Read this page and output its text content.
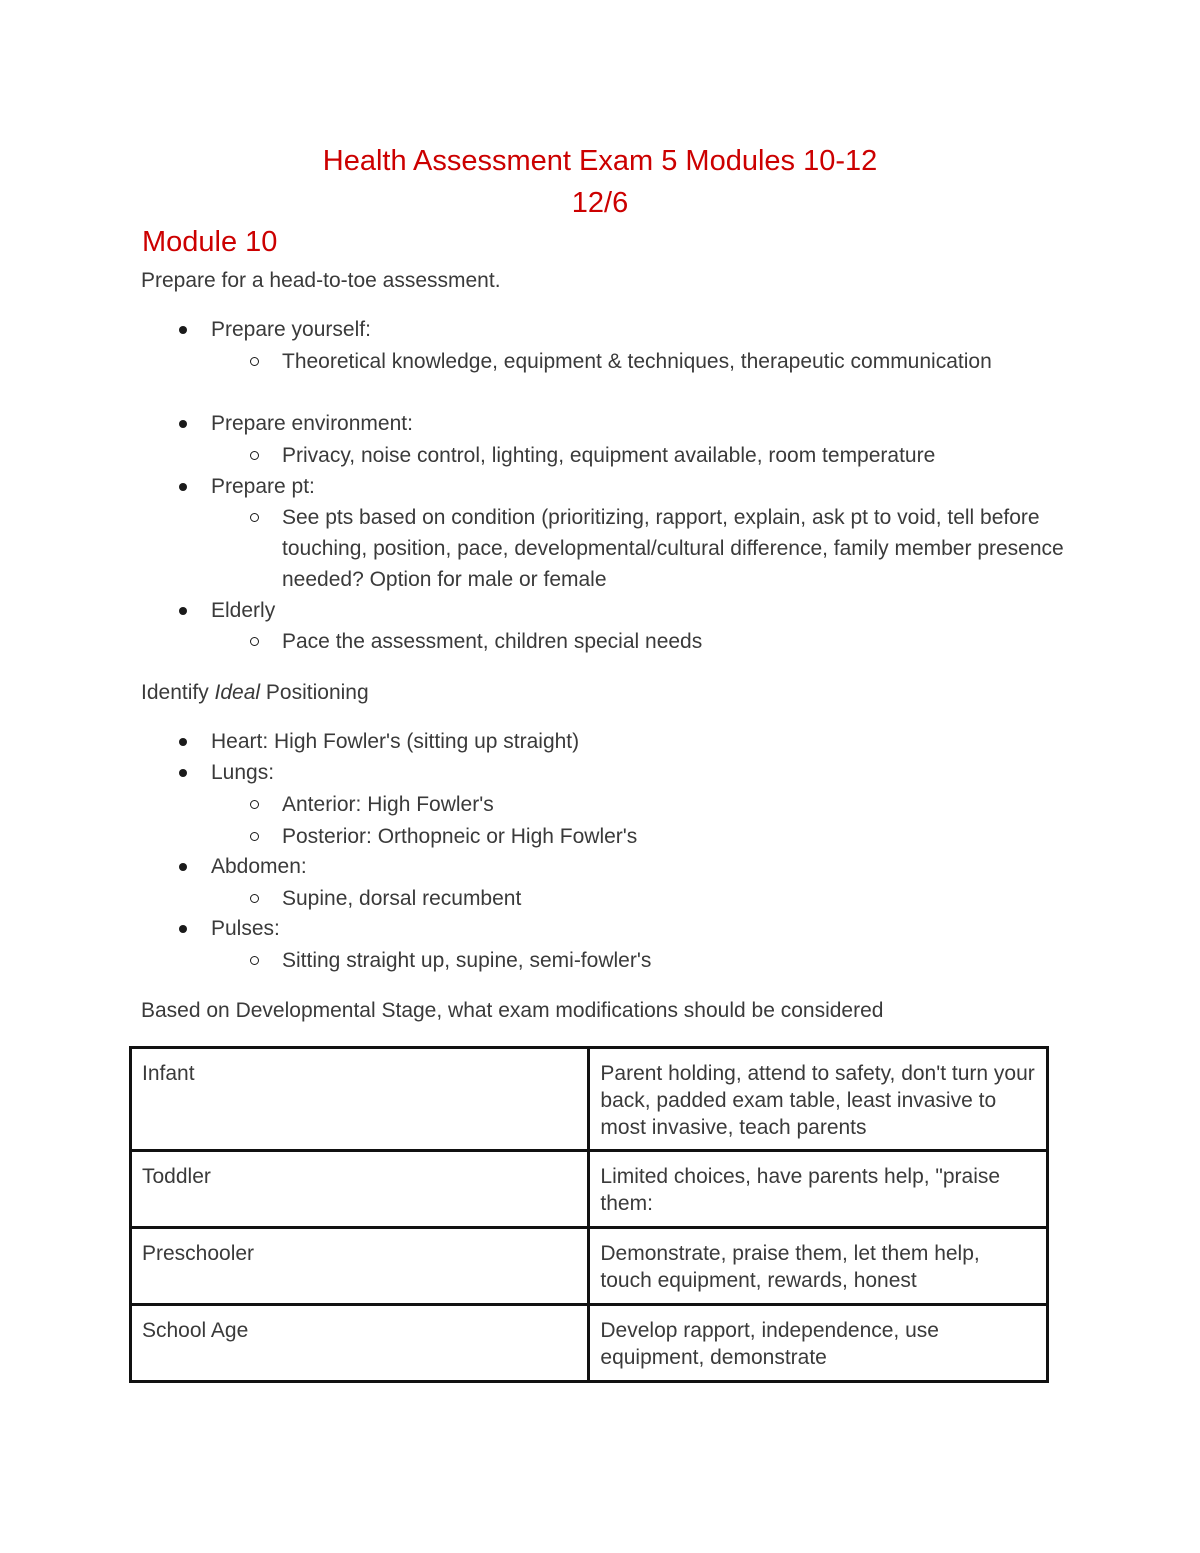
Health Assessment Exam 5 Modules 10-12
12/6
Module 10
Prepare for a head-to-toe assessment.
Prepare yourself:
Theoretical knowledge, equipment & techniques, therapeutic communication
Prepare environment:
Privacy, noise control, lighting, equipment available, room temperature
Prepare pt:
See pts based on condition (prioritizing, rapport, explain, ask pt to void, tell before touching, position, pace, developmental/cultural difference, family member presence needed? Option for male or female
Elderly
Pace the assessment, children special needs
Identify Ideal Positioning
Heart: High Fowler's (sitting up straight)
Lungs:
Anterior: High Fowler's
Posterior: Orthopneic or High Fowler's
Abdomen:
Supine, dorsal recumbent
Pulses:
Sitting straight up, supine, semi-fowler's
Based on Developmental Stage, what exam modifications should be considered
Infant	Parent holding, attend to safety, don't turn your back, padded exam table, least invasive to most invasive, teach parents
Toddler	Limited choices, have parents help, "praise them:
Preschooler	Demonstrate, praise them, let them help, touch equipment, rewards, honest
School Age	Develop rapport, independence, use equipment, demonstrate
